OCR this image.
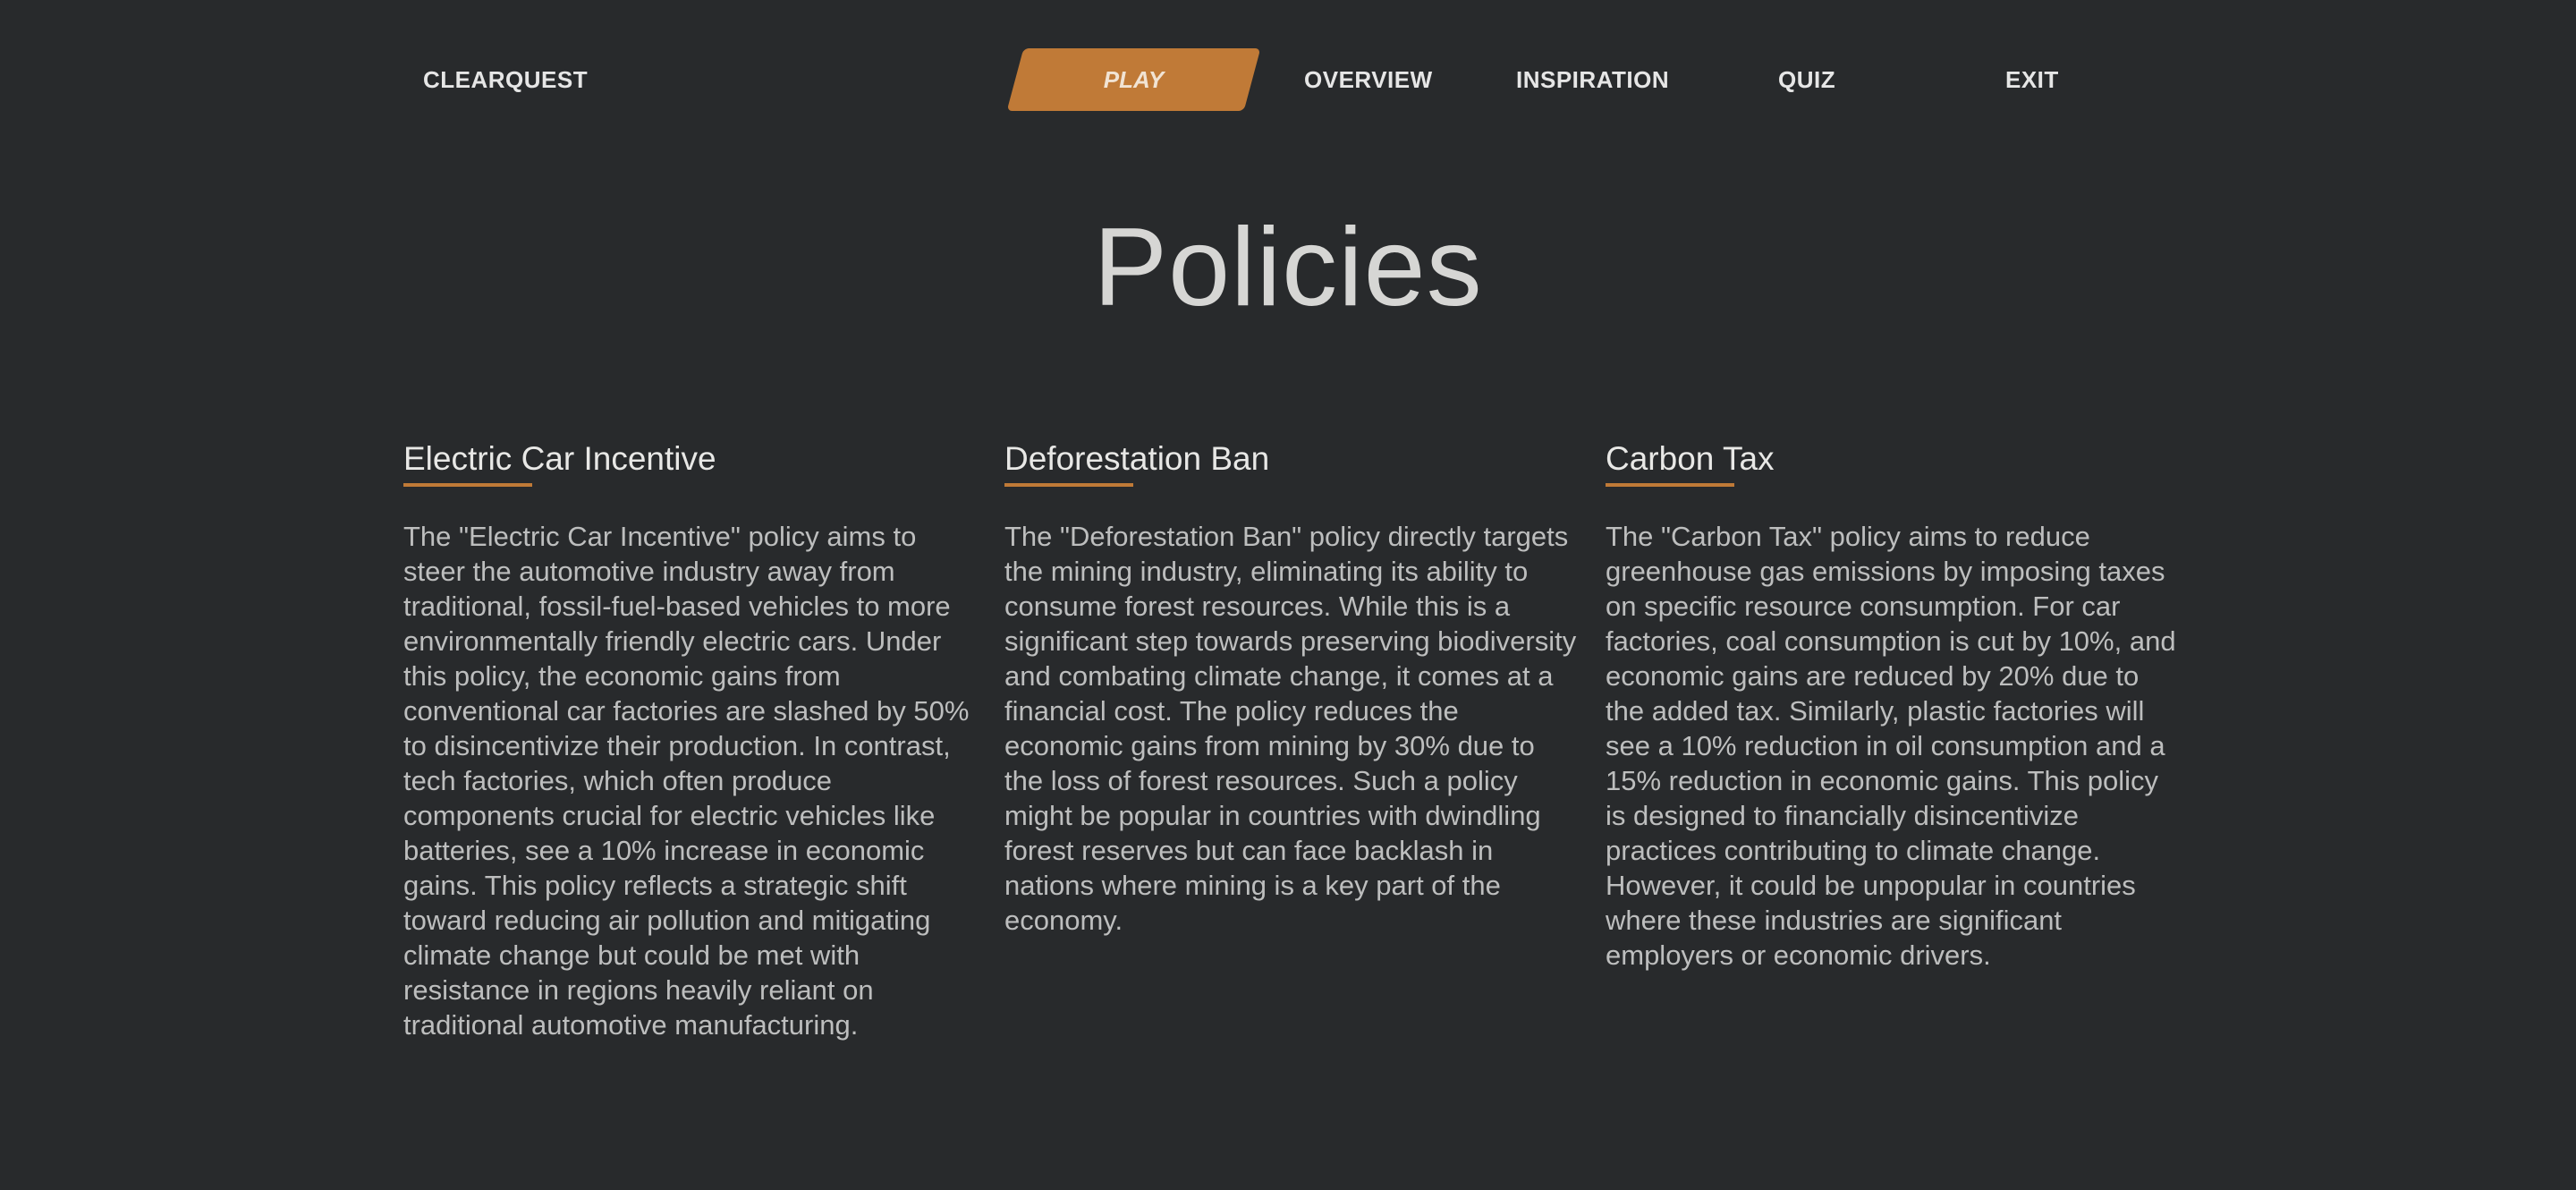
CLEARQUEST	PLAY	OVERVIEW	INSPIRATION	QUIZ	EXIT
Policies
Electric Car Incentive

The "Electric Car Incentive" policy aims to steer the automotive industry away from traditional, fossil-fuel-based vehicles to more environmentally friendly electric cars. Under this policy, the economic gains from conventional car factories are slashed by 50% to disincentivize their production. In contrast, tech factories, which often produce components crucial for electric vehicles like batteries, see a 10% increase in economic gains. This policy reflects a strategic shift toward reducing air pollution and mitigating climate change but could be met with resistance in regions heavily reliant on traditional automotive manufacturing.

Deforestation Ban

The "Deforestation Ban" policy directly targets the mining industry, eliminating its ability to consume forest resources. While this is a significant step towards preserving biodiversity and combating climate change, it comes at a financial cost. The policy reduces the economic gains from mining by 30% due to the loss of forest resources. Such a policy might be popular in countries with dwindling forest reserves but can face backlash in nations where mining is a key part of the economy.

Carbon Tax

The "Carbon Tax" policy aims to reduce greenhouse gas emissions by imposing taxes on specific resource consumption. For car factories, coal consumption is cut by 10%, and economic gains are reduced by 20% due to the added tax. Similarly, plastic factories will see a 10% reduction in oil consumption and a 15% reduction in economic gains. This policy is designed to financially disincentivize practices contributing to climate change. However, it could be unpopular in countries where these industries are significant employers or economic drivers.
